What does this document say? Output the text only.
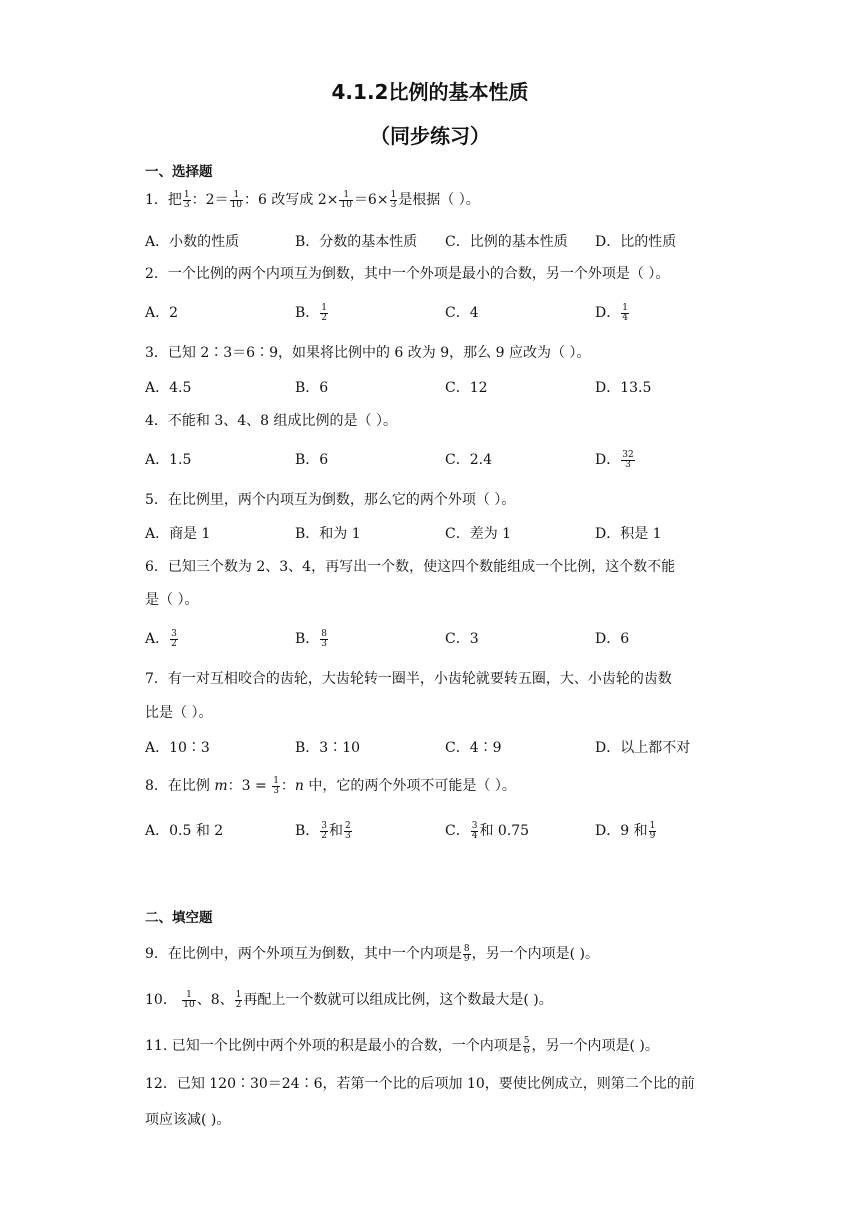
4.1.2比例的基本性质
（同步练习）
一、选择题
1．把 $\frac{1}{3}$ ：$2= \frac{1}{10}$ ：6 改写成 $2\times \frac{1}{10} =6\times \frac{1}{3}$ 是根据（ ）。
A．小数的性质	B．分数的基本性质 C．比例的基本性质 D．比的性质
2．一个比例的两个内项互为倒数，其中一个外项是最小的合数，另一个外项是（ ）。
A．2	B． $\frac{1}{2}$	C．4	D． $\frac{1}{4}$
3．已知 2∶3＝6∶9，如果将比例中的 6 改为 9，那么 9 应改为（ ）。
A．4.5	B．6	C．12	D．13.5
4．不能和 3、4、8 组成比例的是（ ）。
A．1.5	B．6	C．2.4	D． $\frac{32}{3}$
5．在比例里，两个内项互为倒数，那么它的两个外项（ ）。
A．商是 1	B．和为 1	C．差为 1	D．积是 1
6．已知三个数为 2、3、4，再写出一个数，使这四个数能组成一个比例，这个数不能
是（ ）。
A． $\frac{3}{2}$	B． $\frac{8}{3}$	C．3	D．6
7．有一对互相咬合的齿轮，大齿轮转一圈半，小齿轮就要转五圈，大、小齿轮的齿数
比是（ ）。
A．10∶3	B．3∶10	C．4∶9	D．以上都不对
8．在比例 m：$3 = \frac{1}{3}$ ：n 中，它的两个外项不可能是（ ）。
A．0.5 和 2	B． $\frac{3}{2}$ 和 $\frac{2}{3}$	C． $\frac{3}{4}$ 和 0.75	D．9 和 $\frac{1}{9}$
二、填空题
9．在比例中，两个外项互为倒数，其中一个内项是 $\frac{8}{9}$ ，另一个内项是( )。
10． $\frac{1}{10}$ 、8、 $\frac{1}{2}$ 再配上一个数就可以组成比例，这个数最大是( )。
11. 已知一个比例中两个外项的积是最小的合数，一个内项是 $\frac{5}{6}$ ，另一个内项是( )。
12．已知 120∶30＝24∶6，若第一个比的后项加 10，要使比例成立，则第二个比的前
项应该减( )。
